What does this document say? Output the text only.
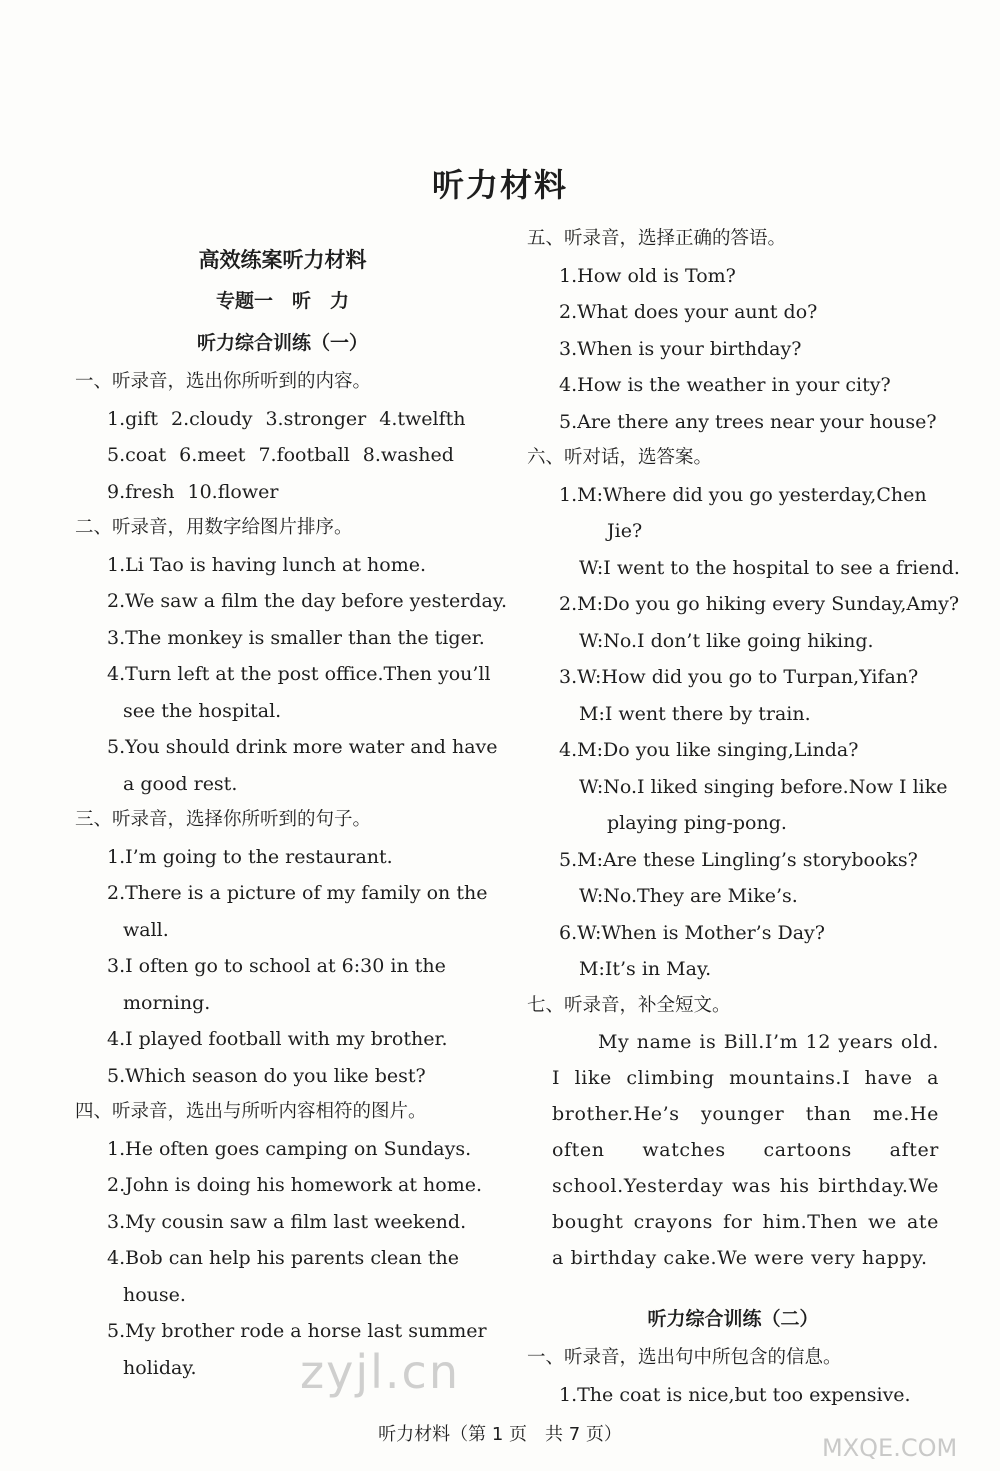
听力材料
高效练案听力材料
专题一　听　力
听力综合训练（一）
一、听录音，选出你所听到的内容。
1.gift 2.cloudy 3.stronger 4.twelfth
5.coat 6.meet 7.football 8.washed
9.fresh 10.flower
二、听录音，用数字给图片排序。
1.Li Tao is having lunch at home.
2.We saw a film the day before yesterday.
3.The monkey is smaller than the tiger.
4.Turn left at the post office.Then you’ll
see the hospital.
5.You should drink more water and have
a good rest.
三、听录音，选择你所听到的句子。
1.I’m going to the restaurant.
2.There is a picture of my family on the
wall.
3.I often go to school at 6:30 in the
morning.
4.I played football with my brother.
5.Which season do you like best?
四、听录音，选出与所听内容相符的图片。
1.He often goes camping on Sundays.
2.John is doing his homework at home.
3.My cousin saw a film last weekend.
4.Bob can help his parents clean the
house.
5.My brother rode a horse last summer
holiday.
五、听录音，选择正确的答语。
1.How old is Tom?
2.What does your aunt do?
3.When is your birthday?
4.How is the weather in your city?
5.Are there any trees near your house?
六、听对话，选答案。
1.M:Where did you go yesterday,Chen
Jie?
W:I went to the hospital to see a friend.
2.M:Do you go hiking every Sunday,Amy?
W:No.I don’t like going hiking.
3.W:How did you go to Turpan,Yifan?
M:I went there by train.
4.M:Do you like singing,Linda?
W:No.I liked singing before.Now I like
playing ping-pong.
5.M:Are these Lingling’s storybooks?
W:No.They are Mike’s.
6.W:When is Mother’s Day?
M:It’s in May.
七、听录音，补全短文。
My name is Bill.I’m 12 years old. I like climbing mountains.I have a brother.He’s younger than me.He often watches cartoons after school.Yesterday was his birthday.We bought crayons for him.Then we ate a birthday cake.We were very happy.
听力综合训练（二）
一、听录音，选出句中所包含的信息。
1.The coat is nice,but too expensive.
听力材料（第 1 页　共 7 页）
zyjl.cn
MXQE.COM
